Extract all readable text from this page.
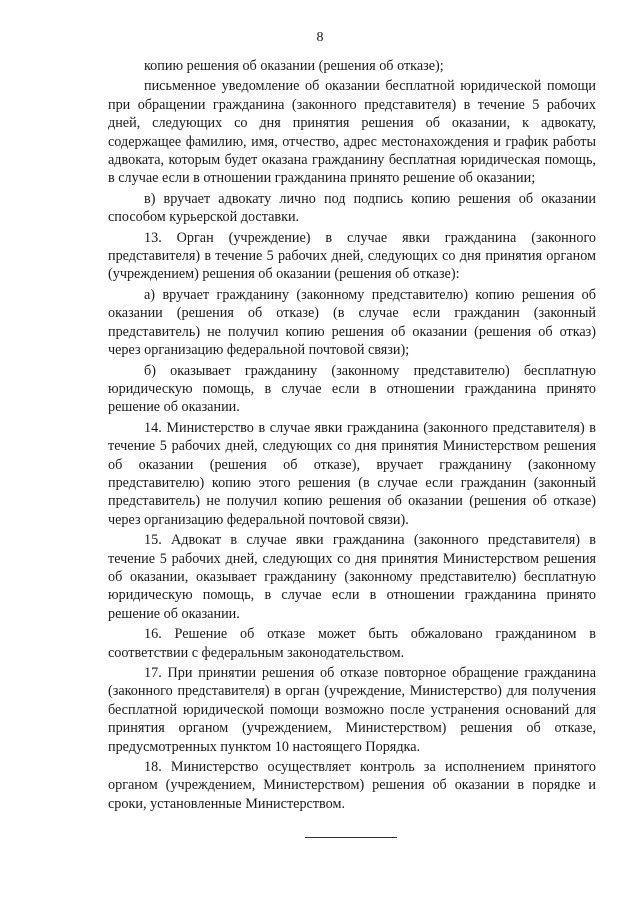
8

копию решения об оказании (решения об отказе);

письменное уведомление об оказании бесплатной юридической помощи при обращении гражданина (законного представителя) в течение 5 рабочих дней, следующих со дня принятия решения об оказании, к адвокату, содержащее фамилию, имя, отчество, адрес местонахождения и график работы адвоката, которым будет оказана гражданину бесплатная юридическая помощь, в случае если в отношении гражданина принято решение об оказании;

в) вручает адвокату лично под подпись копию решения об оказании способом курьерской доставки.

13. Орган (учреждение) в случае явки гражданина (законного представителя) в течение 5 рабочих дней, следующих со дня принятия органом (учреждением) решения об оказании (решения об отказе):

а) вручает гражданину (законному представителю) копию решения об оказании (решения об отказе) (в случае если гражданин (законный представитель) не получил копию решения об оказании (решения об отказ) через организацию федеральной почтовой связи);

б) оказывает гражданину (законному представителю) бесплатную юридическую помощь, в случае если в отношении гражданина принято решение об оказании.

14. Министерство в случае явки гражданина (законного представителя) в течение 5 рабочих дней, следующих со дня принятия Министерством решения об оказании (решения об отказе), вручает гражданину (законному представителю) копию этого решения (в случае если гражданин (законный представитель) не получил копию решения об оказании (решения об отказе) через организацию федеральной почтовой связи).

15. Адвокат в случае явки гражданина (законного представителя) в течение 5 рабочих дней, следующих со дня принятия Министерством решения об оказании, оказывает гражданину (законному представителю) бесплатную юридическую помощь, в случае если в отношении гражданина принято решение об оказании.

16. Решение об отказе может быть обжаловано гражданином в соответствии с федеральным законодательством.

17. При принятии решения об отказе повторное обращение гражданина (законного представителя) в орган (учреждение, Министерство) для получения бесплатной юридической помощи возможно после устранения оснований для принятия органом (учреждением, Министерством) решения об отказе, предусмотренных пунктом 10 настоящего Порядка.

18. Министерство осуществляет контроль за исполнением принятого органом (учреждением, Министерством) решения об оказании в порядке и сроки, установленные Министерством.
